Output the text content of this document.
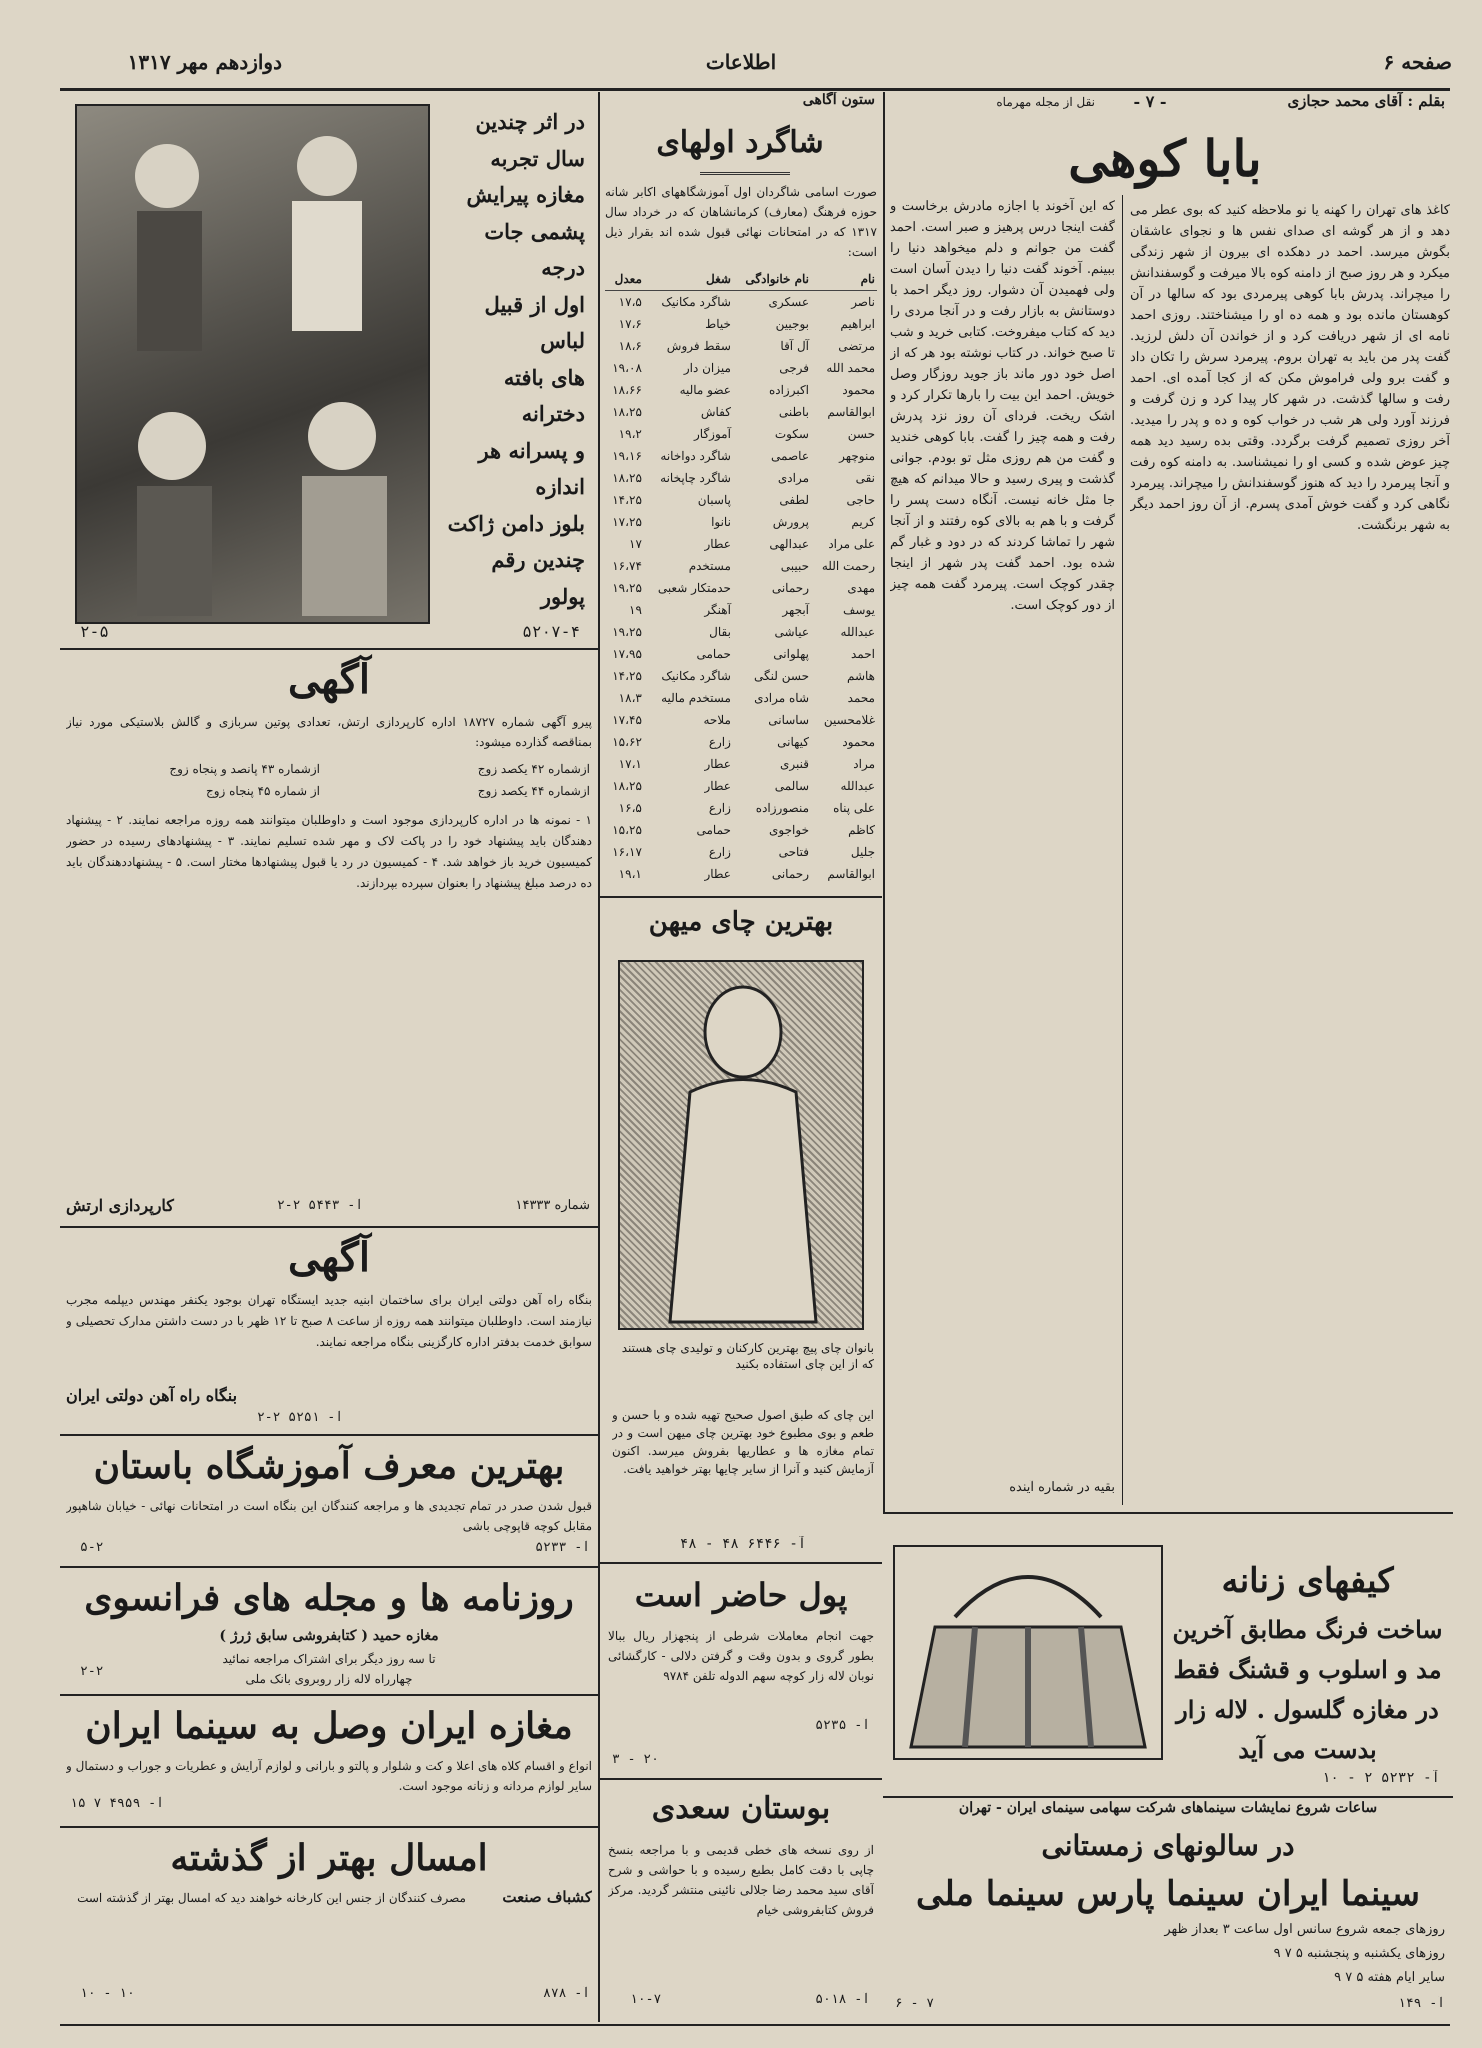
صفحه ۶
اطلاعات
دوازدهم مهر ۱۳۱۷
بقلم : آقای محمد حجازی
- ۷ -
نقل از مجله مهرماه
بابا کوهی
کاغذ های تهران را کهنه یا نو ملاحظه کنید که بوی عطر می دهد و از هر گوشه ای صدای نفس ها و نجوای عاشقان بگوش میرسد. احمد در دهکده ای بیرون از شهر زندگی میکرد و هر روز صبح از دامنه کوه بالا میرفت و گوسفندانش را میچراند. پدرش بابا کوهی پیرمردی بود که سالها در آن کوهستان مانده بود و همه ده او را میشناختند. روزی احمد نامه ای از شهر دریافت کرد و از خواندن آن دلش لرزید. گفت پدر من باید به تهران بروم. پیرمرد سرش را تکان داد و گفت برو ولی فراموش مکن که از کجا آمده ای. احمد رفت و سالها گذشت. در شهر کار پیدا کرد و زن گرفت و فرزند آورد ولی هر شب در خواب کوه و ده و پدر را میدید. آخر روزی تصمیم گرفت برگردد. وقتی بده رسید دید همه چیز عوض شده و کسی او را نمیشناسد. به دامنه کوه رفت و آنجا پیرمرد را دید که هنوز گوسفندانش را میچراند. پیرمرد نگاهی کرد و گفت خوش آمدی پسرم. از آن روز احمد دیگر به شهر برنگشت.
که این آخوند با اجازه مادرش برخاست و گفت اینجا درس پرهیز و صبر است. احمد گفت من جوانم و دلم میخواهد دنیا را ببینم. آخوند گفت دنیا را دیدن آسان است ولی فهمیدن آن دشوار. روز دیگر احمد با دوستانش به بازار رفت و در آنجا مردی را دید که کتاب میفروخت. کتابی خرید و شب تا صبح خواند. در کتاب نوشته بود هر که از اصل خود دور ماند باز جوید روزگار وصل خویش. احمد این بیت را بارها تکرار کرد و اشک ریخت. فردای آن روز نزد پدرش رفت و همه چیز را گفت. بابا کوهی خندید و گفت من هم روزی مثل تو بودم. جوانی گذشت و پیری رسید و حالا میدانم که هیچ جا مثل خانه نیست. آنگاه دست پسر را گرفت و با هم به بالای کوه رفتند و از آنجا شهر را تماشا کردند که در دود و غبار گم شده بود. احمد گفت پدر شهر از اینجا چقدر کوچک است. پیرمرد گفت همه چیز از دور کوچک است.
بقیه در شماره آینده
ستون آگاهی
شاگرد اولهای
صورت اسامی شاگردان اول آموزشگاههای اکابر شانه حوزه فرهنگ (معارف) کرمانشاهان که در خرداد سال ۱۳۱۷ که در امتحانات نهائی قبول شده اند بقرار ذیل است:
نام	نام خانوادگی	شغل	معدل
ناصر	عسکری	شاگرد مکانیک	۱۷،۵
ابراهیم	بوجیین	خیاط	۱۷،۶
مرتضی	آل آقا	سقط فروش	۱۸،۶
محمد الله	فرجی	میزان دار	۱۹،۰۸
محمود	اکبرزاده	عضو ماليه	۱۸،۶۶
ابوالقاسم	باطنی	کفاش	۱۸،۲۵
حسن	سکوت	آموزگار	۱۹،۲
منوچهر	عاصمی	شاگرد دواخانه	۱۹،۱۶
نقی	مرادی	شاگرد چاپخانه	۱۸،۲۵
حاجی	لطفی	پاسبان	۱۴،۲۵
کریم	پرورش	نانوا	۱۷،۲۵
علی مراد	عبدالهی	عطار	۱۷
رحمت الله	حبیبی	مستخدم	۱۶،۷۴
مهدی	رحمانی	حدمتکار شعبی	۱۹،۲۵
یوسف	آبجهر	آهنگر	۱۹
عبدالله	عیاشی	بقال	۱۹،۲۵
احمد	پهلوانی	حمامی	۱۷،۹۵
هاشم	حسن لنگی	شاگرد مکانیک	۱۴،۲۵
محمد	شاه مرادی	مستخدم مالیه	۱۸،۳
غلامحسین	ساسانی	ملاحه	۱۷،۴۵
محمود	کیهانی	زارع	۱۵،۶۲
مراد	قنبری	عطار	۱۷،۱
عبدالله	سالمی	عطار	۱۸،۲۵
علی پناه	منصورزاده	زارع	۱۶،۵
کاظم	خواجوی	حمامی	۱۵،۲۵
جلیل	فتاحی	زارع	۱۶،۱۷
ابوالقاسم	رحمانی	عطار	۱۹،۱
بهترین چای میهن
بانوان چای پیچ بهترین کارکنان و تولیدی چای هستند که از این چای استفاده بکنید
این چای که طبق اصول صحیح تهیه شده و با حسن و طعم و بوی مطبوع خود بهترین چای میهن است و در تمام مغازه ها و عطاریها بفروش میرسد. اکنون آزمایش کنید و آنرا از ساير چايها بهتر خواهید یافت.
آ- ۶۴۴۶ ۴۸ - ۴۸
پول حاضر است
جهت انجام معاملات شرطی از پنجهزار ریال ببالا بطور گروی و بدون وقت و گرفتن دلالی - کارگشائی نوبان لاله زار کوچه سهم الدوله تلفن ۹۷۸۴
آ- ۵۲۳۵
۳ - ۲۰
بوستان سعدی
از روی نسخه های خطی قدیمی و با مراجعه بنسخ چاپی با دقت کامل بطبع رسیده و با حواشی و شرح آقای سید محمد رضا جلالی نائینی منتشر گردید. مرکز فروش کتابفروشی خیام
آ- ۵۰۱۸
۱۰-۷
در اثر چندین
سال تجربه
مغازه پیرایش
پشمی جات درجه
اول از قبیل لباس
های بافته دخترانه
و پسرانه هر اندازه
بلوز دامن ژاکت
چندین رقم پولور
۵۲۰۷-۴
۲-۵
آگهی
پیرو آگهی شماره ۱۸۷۲۷ اداره کارپردازی ارتش، تعدادی پوتین سربازی و گالش بلاستیکی مورد نیاز بمناقصه گذارده میشود:
ازشماره ۴۲ یکصد زوج
ازشماره ۴۴ یکصد زوج
ازشماره ۴۳ پانصد و پنجاه زوج
از شماره ۴۵ پنجاه زوج
۱ - نمونه ها در اداره کارپردازی موجود است و داوطلبان میتوانند همه روزه مراجعه نمایند. ۲ - پیشنهاد دهندگان باید پیشنهاد خود را در پاکت لاک و مهر شده تسلیم نمایند. ۳ - پیشنهادهای رسیده در حضور کمیسیون خرید باز خواهد شد. ۴ - کمیسیون در رد یا قبول پیشنهادها مختار است. ۵ - پیشنهاددهندگان باید ده درصد مبلغ پیشنهاد را بعنوان سپرده بپردازند.
شماره ۱۴۳۳۳
آ- ۵۴۴۳ ۲-۲
کارپردازی ارتش
آگهی
بنگاه راه آهن دولتی ایران برای ساختمان ابنیه جدید ایستگاه تهران بوجود یکنفر مهندس دیپلمه مجرب نیازمند است. داوطلبان میتوانند همه روزه از ساعت ۸ صبح تا ۱۲ ظهر با در دست داشتن مدارک تحصیلی و سوابق خدمت بدفتر اداره کارگزینی بنگاه مراجعه نمایند.
آ- ۵۲۵۱ ۲-۲
بنگاه راه آهن دولتی ایران
بهترین معرف آموزشگاه باستان
قبول شدن صدر در تمام تجدیدی ها و مراجعه کنندگان این بنگاه است در امتحانات نهائی - خیابان شاهپور مقابل کوچه قاپوچی باشی
آ- ۵۲۳۳
۵-۲
روزنامه ها و مجله های فرانسوی
مغازه حمید ( کتابفروشی سابق ژرژ )
تا سه روز دیگر برای اشتراک مراجعه نمائید
چهارراه لاله زار روبروی بانک ملی
۲-۲
مغازه ایران وصل به سینما ایران
انواع و اقسام کلاه های اعلا و کت و شلوار و پالتو و بارانی و لوازم آرایش و عطریات و جوراب و دستمال و سایر لوازم مردانه و زنانه موجود است.
آ- ۴۹۵۹ ۷ ۱۵
امسال بهتر از گذشته
کشباف صنعت
مصرف کنندگان از جنس این کارخانه خواهند دید که امسال بهتر از گذشته است
آ- ۸۷۸
۱۰ - ۱۰
کیفهای زنانه
ساخت فرنگ مطابق آخرین
مد و اسلوب و قشنگ فقط
در مغازه گلسول . لاله زار
بدست می آید
آ- ۵۲۳۲ ۲ - ۱۰
ساعات شروع نمایشات سینماهای شرکت سهامی سینمای ایران - تهران
در سالونهای زمستانی
سینما ایران سینما پارس سینما ملی
روزهای جمعه شروع سانس اول ساعت ۳ بعداز ظهر
روزهای یکشنبه و پنجشنبه ۵ ۷ ۹
سایر ایام هفته ۵ ۷ ۹
آ- ۱۴۹
۶ - ۷
